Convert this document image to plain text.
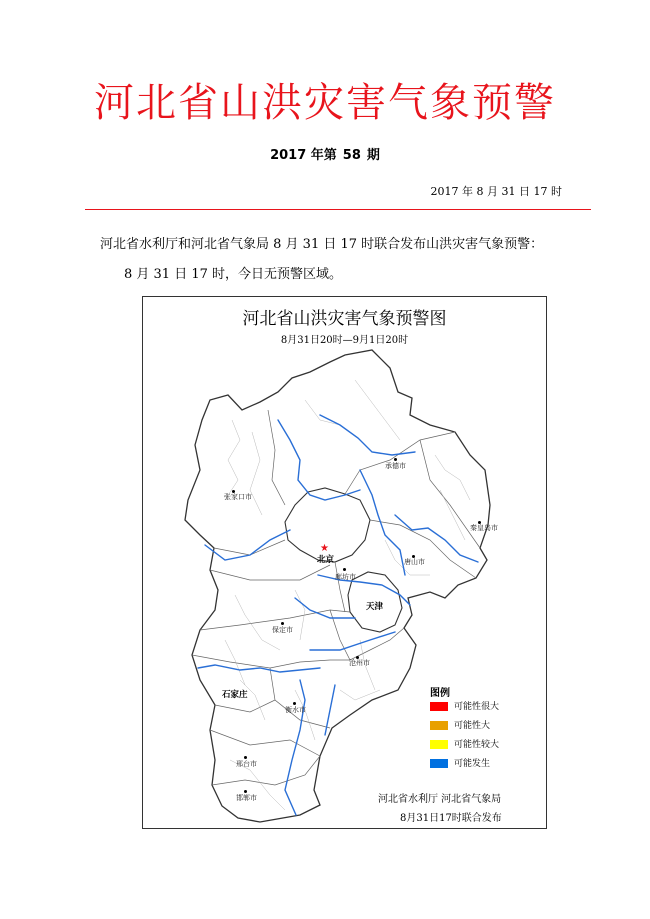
河北省山洪灾害气象预警
2017 年第 58 期
2017 年 8 月 31 日 17 时
河北省水利厅和河北省气象局 8 月 31 日 17 时联合发布山洪灾害气象预警：
8 月 31 日 17 时，今日无预警区域。
河北省山洪灾害气象预警图
8月31日20时—9月1日20时
★
承德市
张家口市
秦皇岛市
北京	唐山市
廊坊市
天津
保定市
沧州市
石家庄
衡水市
邢台市
邯郸市
图例
可能性很大
可能性大
可能性较大
可能发生
河北省水利厅 河北省气象局
8月31日17时联合发布
